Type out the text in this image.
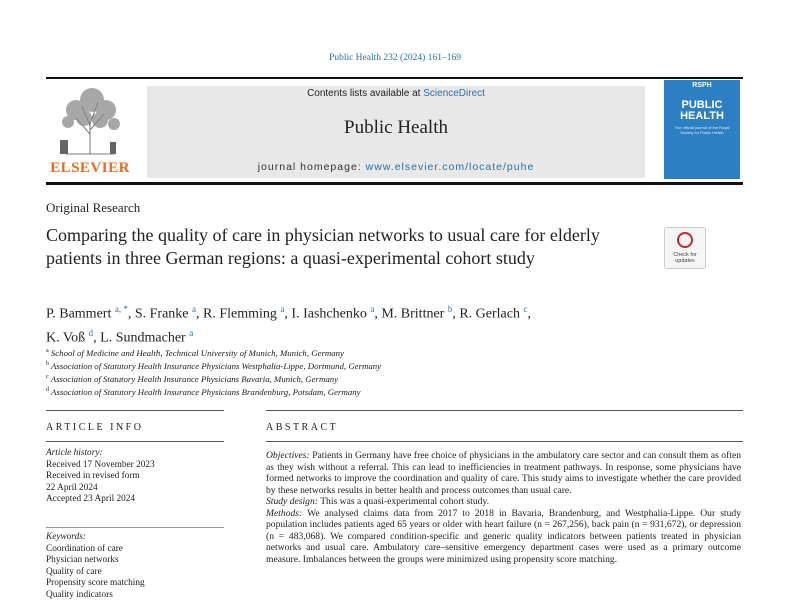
Public Health 232 (2024) 161–169
ELSEVIER
Contents lists available at ScienceDirect
Public Health
journal homepage: www.elsevier.com/locate/puhe
RSPH
PUBLIC
HEALTH
The official journal of the Royal Society for Public Health
Original Research
Comparing the quality of care in physician networks to usual care for elderly patients in three German regions: a quasi-experimental cohort study	Check for
updates
P. Bammert $^{a, *}$, S. Franke $^a$, R. Flemming $^a$, I. Iashchenko $^a$, M. Brittner $^b$, R. Gerlach $^c$,
K. Voß $^d$, L. Sundmacher $^a$
$^a$ School of Medicine and Health, Technical University of Munich, Munich, Germany
$^b$ Association of Statutory Health Insurance Physicians Westphalia-Lippe, Dortmund, Germany
$^c$ Association of Statutory Health Insurance Physicians Bavaria, Munich, Germany
$^d$ Association of Statutory Health Insurance Physicians Brandenburg, Potsdam, Germany
ARTICLE INFO
Article history:
Received 17 November 2023
Received in revised form
22 April 2024
Accepted 23 April 2024
Keywords:
Coordination of care
Physician networks
Quality of care
Propensity score matching
Quality indicators
ABSTRACT
Objectives: Patients in Germany have free choice of physicians in the ambulatory care sector and can consult them as often as they wish without a referral. This can lead to inefficiencies in treatment pathways. In response, some physicians have formed networks to improve the coordination and quality of care. This study aims to investigate whether the care provided by these networks results in better health and process outcomes than usual care.
Study design: This was a quasi-experimental cohort study.
Methods: We analysed claims data from 2017 to 2018 in Bavaria, Brandenburg, and Westphalia-Lippe. Our study population includes patients aged 65 years or older with heart failure (n = 267,256), back pain (n = 931,672), or depression (n = 483,068). We compared condition-specific and generic quality indicators between patients treated in physician networks and usual care. Ambulatory care–sensitive emergency department cases were used as a primary outcome measure. Imbalances between the groups were minimized using propensity score matching.
